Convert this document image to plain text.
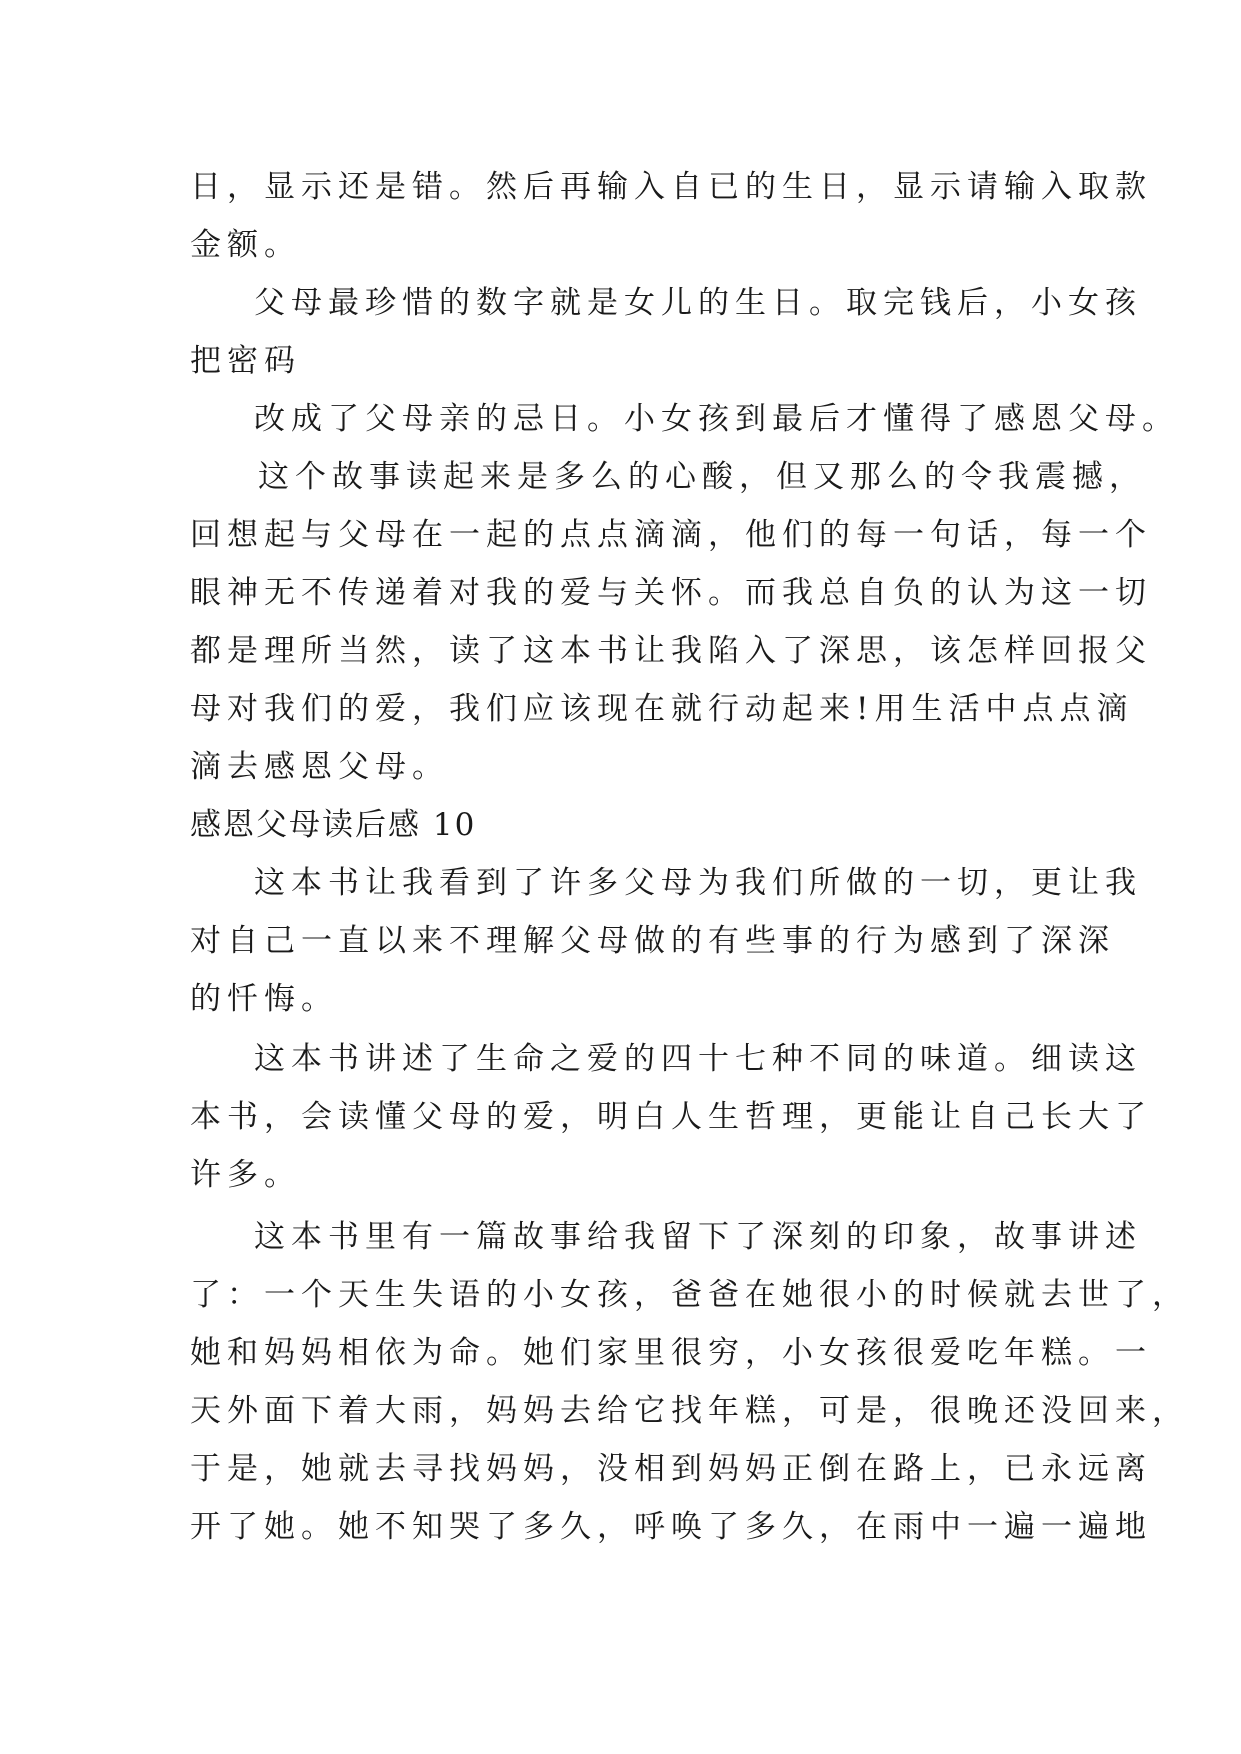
日，显示还是错。然后再输入自已的生日，显示请输入取款
金额。
父母最珍惜的数字就是女儿的生日。取完钱后，小女孩
把密码
改成了父母亲的忌日。小女孩到最后才懂得了感恩父母。
这个故事读起来是多么的心酸，但又那么的令我震撼，
回想起与父母在一起的点点滴滴，他们的每一句话，每一个
眼神无不传递着对我的爱与关怀。而我总自负的认为这一切
都是理所当然，读了这本书让我陷入了深思，该怎样回报父
母对我们的爱，我们应该现在就行动起来!用生活中点点滴
滴去感恩父母。
感恩父母读后感 10
这本书让我看到了许多父母为我们所做的一切，更让我
对自己一直以来不理解父母做的有些事的行为感到了深深
的忏悔。
这本书讲述了生命之爱的四十七种不同的味道。细读这
本书，会读懂父母的爱，明白人生哲理，更能让自己长大了
许多。
这本书里有一篇故事给我留下了深刻的印象，故事讲述
了：一个天生失语的小女孩，爸爸在她很小的时候就去世了，
她和妈妈相依为命。她们家里很穷，小女孩很爱吃年糕。一
天外面下着大雨，妈妈去给它找年糕，可是，很晚还没回来，
于是，她就去寻找妈妈，没相到妈妈正倒在路上，已永远离
开了她。她不知哭了多久，呼唤了多久，在雨中一遍一遍地
